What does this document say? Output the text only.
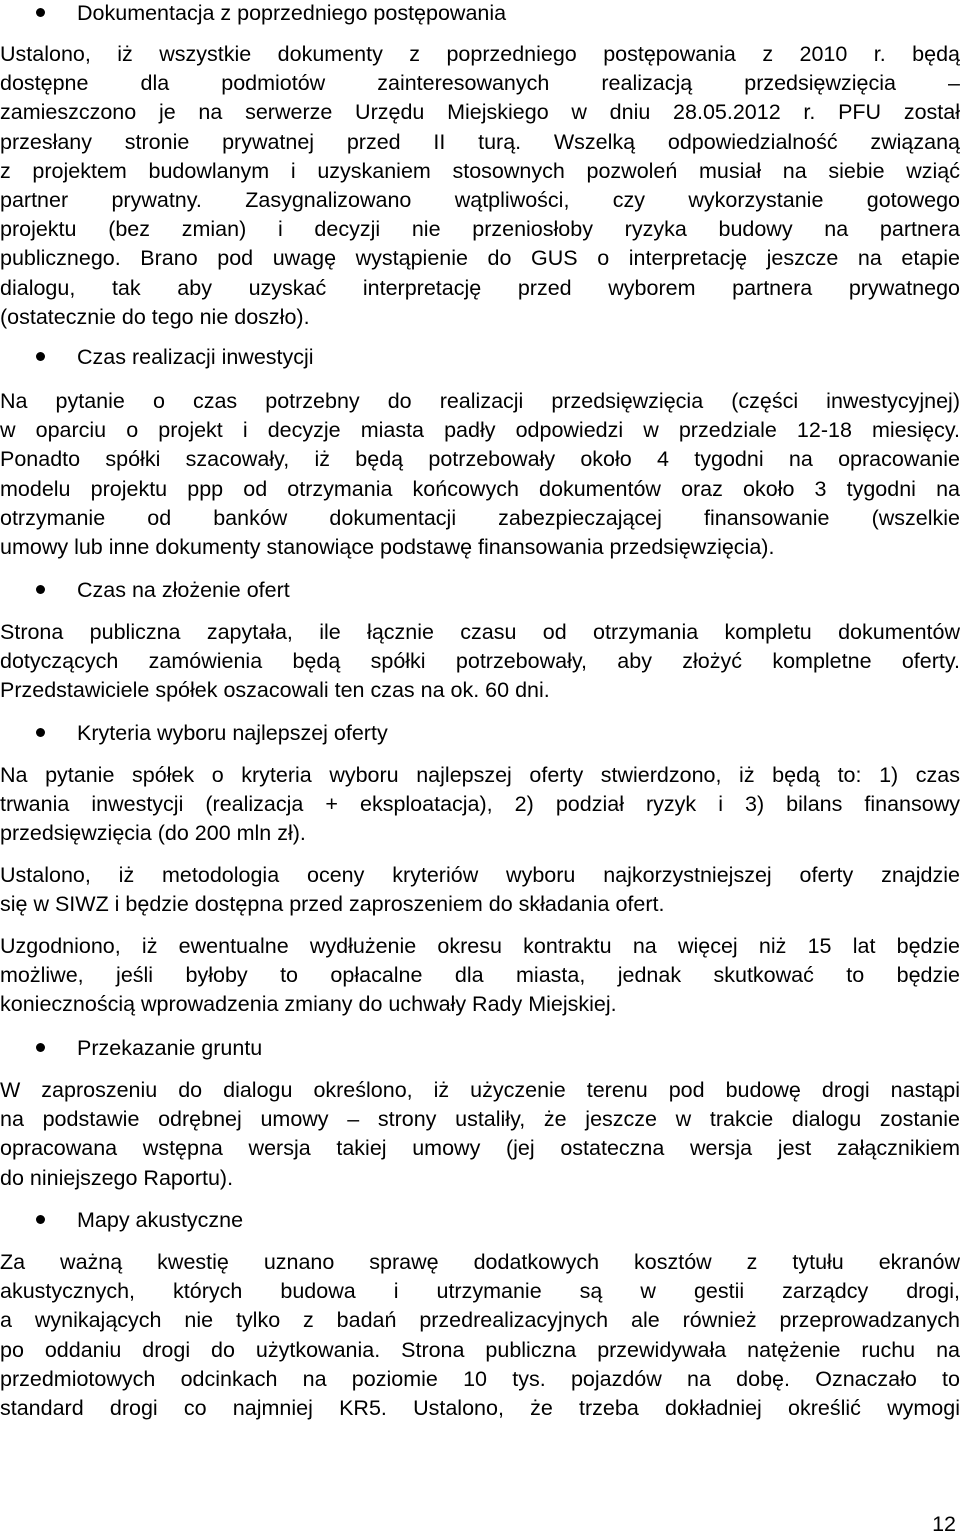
Dokumentacja z poprzedniego postępowania
Ustalono, iż wszystkie dokumenty z poprzedniego postępowania z 2010 r. będą
dostępne dla podmiotów zainteresowanych realizacją przedsięwzięcia –
zamieszczono je na serwerze Urzędu Miejskiego w dniu 28.05.2012 r. PFU został
przesłany stronie prywatnej przed II turą. Wszelką odpowiedzialność związaną
z projektem budowlanym i uzyskaniem stosownych pozwoleń musiał na siebie wziąć
partner prywatny. Zasygnalizowano wątpliwości, czy wykorzystanie gotowego
projektu (bez zmian) i decyzji nie przeniosłoby ryzyka budowy na partnera
publicznego. Brano pod uwagę wystąpienie do GUS o interpretację jeszcze na etapie
dialogu, tak aby uzyskać interpretację przed wyborem partnera prywatnego
(ostatecznie do tego nie doszło).
Czas realizacji inwestycji
Na pytanie o czas potrzebny do realizacji przedsięwzięcia (części inwestycyjnej)
w oparciu o projekt i decyzje miasta padły odpowiedzi w przedziale 12-18 miesięcy.
Ponadto spółki szacowały, iż będą potrzebowały około 4 tygodni na opracowanie
modelu projektu ppp od otrzymania końcowych dokumentów oraz około 3 tygodni na
otrzymanie od banków dokumentacji zabezpieczającej finansowanie (wszelkie
umowy lub inne dokumenty stanowiące podstawę finansowania przedsięwzięcia).
Czas na złożenie ofert
Strona publiczna zapytała, ile łącznie czasu od otrzymania kompletu dokumentów
dotyczących zamówienia będą spółki potrzebowały, aby złożyć kompletne oferty.
Przedstawiciele spółek oszacowali ten czas na ok. 60 dni.
Kryteria wyboru najlepszej oferty
Na pytanie spółek o kryteria wyboru najlepszej oferty stwierdzono, iż będą to: 1) czas
trwania inwestycji (realizacja + eksploatacja), 2) podział ryzyk i 3) bilans finansowy
przedsięwzięcia (do 200 mln zł).
Ustalono, iż metodologia oceny kryteriów wyboru najkorzystniejszej oferty znajdzie
się w SIWZ i będzie dostępna przed zaproszeniem do składania ofert.
Uzgodniono, iż ewentualne wydłużenie okresu kontraktu na więcej niż 15 lat będzie
możliwe, jeśli byłoby to opłacalne dla miasta, jednak skutkować to będzie
koniecznością wprowadzenia zmiany do uchwały Rady Miejskiej.
Przekazanie gruntu
W zaproszeniu do dialogu określono, iż użyczenie terenu pod budowę drogi nastąpi
na podstawie odrębnej umowy – strony ustaliły, że jeszcze w trakcie dialogu zostanie
opracowana wstępna wersja takiej umowy (jej ostateczna wersja jest załącznikiem
do niniejszego Raportu).
Mapy akustyczne
Za ważną kwestię uznano sprawę dodatkowych kosztów z tytułu ekranów
akustycznych, których budowa i utrzymanie są w gestii zarządcy drogi,
a wynikających nie tylko z badań przedrealizacyjnych ale również przeprowadzanych
po oddaniu drogi do użytkowania. Strona publiczna przewidywała natężenie ruchu na
przedmiotowych odcinkach na poziomie 10 tys. pojazdów na dobę. Oznaczało to
standard drogi co najmniej KR5. Ustalono, że trzeba dokładniej określić wymogi
12
